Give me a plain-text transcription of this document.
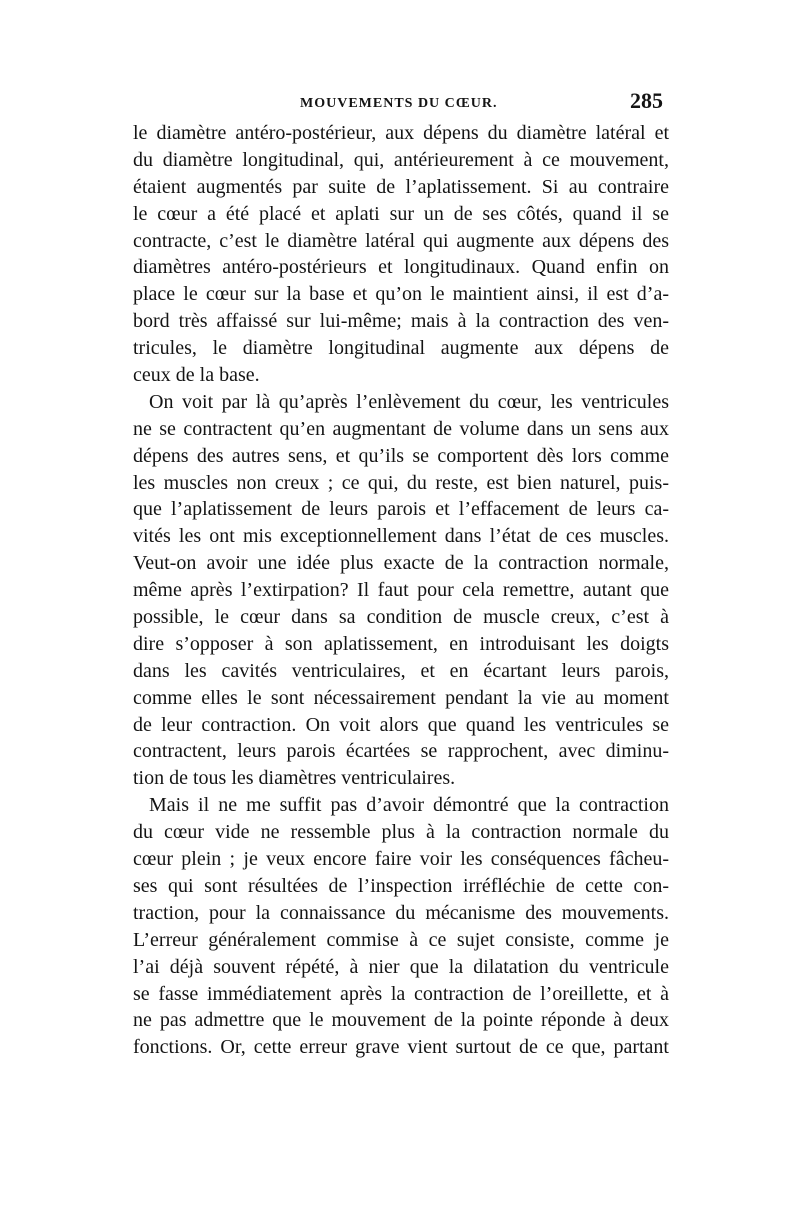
MOUVEMENTS DU CŒUR.	285
le diamètre antéro-postérieur, aux dépens du diamètre latéral et
du diamètre longitudinal, qui, antérieurement à ce mouvement,
étaient augmentés par suite de l’aplatissement. Si au contraire
le cœur a été placé et aplati sur un de ses côtés, quand il se
contracte, c’est le diamètre latéral qui augmente aux dépens des
diamètres antéro-postérieurs et longitudinaux. Quand enfin on
place le cœur sur la base et qu’on le maintient ainsi, il est d’a-
bord très affaissé sur lui-même; mais à la contraction des ven-
tricules, le diamètre longitudinal augmente aux dépens de
ceux de la base.
On voit par là qu’après l’enlèvement du cœur, les ventricules
ne se contractent qu’en augmentant de volume dans un sens aux
dépens des autres sens, et qu’ils se comportent dès lors comme
les muscles non creux ; ce qui, du reste, est bien naturel, puis-
que l’aplatissement de leurs parois et l’effacement de leurs ca-
vités les ont mis exceptionnellement dans l’état de ces muscles.
Veut-on avoir une idée plus exacte de la contraction normale,
même après l’extirpation? Il faut pour cela remettre, autant que
possible, le cœur dans sa condition de muscle creux, c’est à
dire s’opposer à son aplatissement, en introduisant les doigts
dans les cavités ventriculaires, et en écartant leurs parois,
comme elles le sont nécessairement pendant la vie au moment
de leur contraction. On voit alors que quand les ventricules se
contractent, leurs parois écartées se rapprochent, avec diminu-
tion de tous les diamètres ventriculaires.
Mais il ne me suffit pas d’avoir démontré que la contraction
du cœur vide ne ressemble plus à la contraction normale du
cœur plein ; je veux encore faire voir les conséquences fâcheu-
ses qui sont résultées de l’inspection irréfléchie de cette con-
traction, pour la connaissance du mécanisme des mouvements.
L’erreur généralement commise à ce sujet consiste, comme je
l’ai déjà souvent répété, à nier que la dilatation du ventricule
se fasse immédiatement après la contraction de l’oreillette, et à
ne pas admettre que le mouvement de la pointe réponde à deux
fonctions. Or, cette erreur grave vient surtout de ce que, partant
